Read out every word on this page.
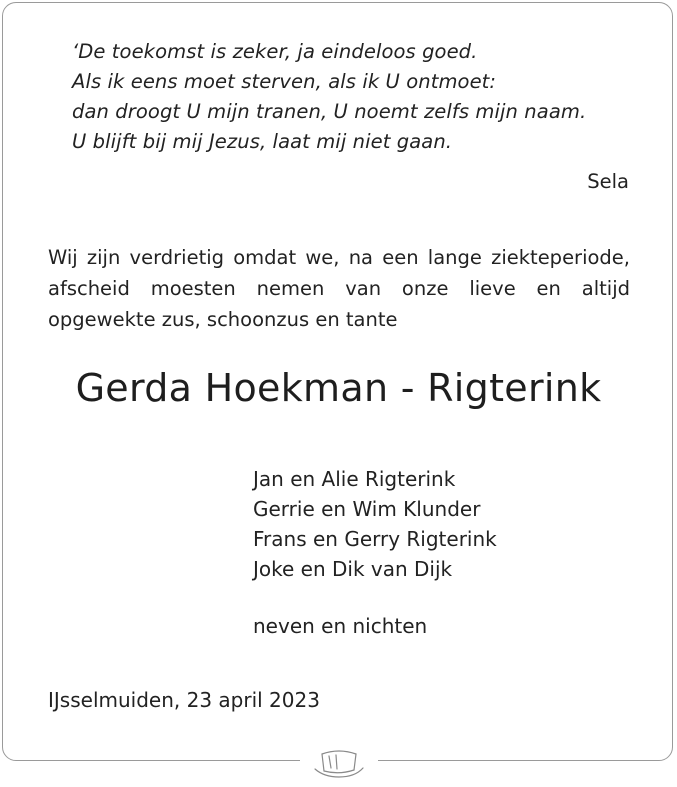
‘De toekomst is zeker, ja eindeloos goed.
Als ik eens moet sterven, als ik U ontmoet:
dan droogt U mijn tranen, U noemt zelfs mijn naam.
U blijft bij mij Jezus, laat mij niet gaan.
Sela
Wij zijn verdrietig omdat we, na een lange ziekteperiode,
afscheid moesten nemen van onze lieve en altijd
opgewekte zus, schoonzus en tante
Gerda Hoekman - Rigterink
Jan en Alie Rigterink
Gerrie en Wim Klunder
Frans en Gerry Rigterink
Joke en Dik van Dijk
neven en nichten
IJsselmuiden, 23 april 2023
